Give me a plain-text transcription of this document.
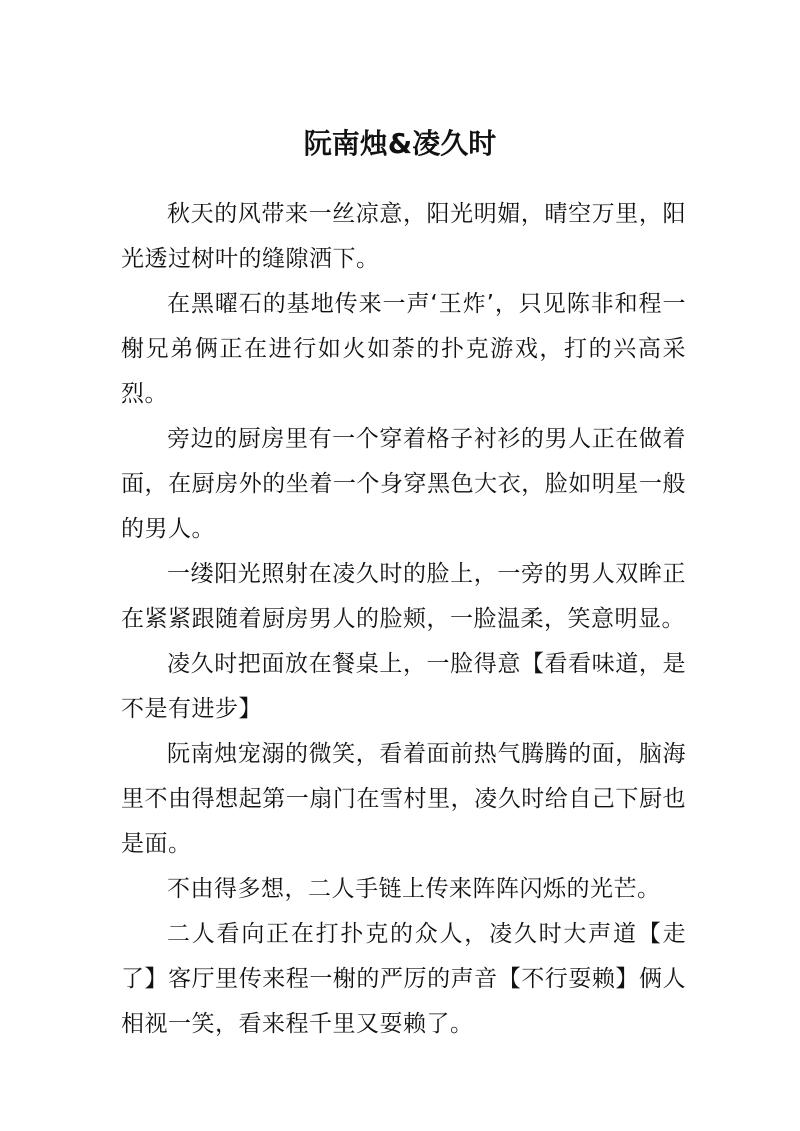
阮南烛&凌久时

秋天的风带来一丝凉意，阳光明媚，晴空万里，阳光透过树叶的缝隙洒下。

在黑曜石的基地传来一声‘王炸’，只见陈非和程一榭兄弟俩正在进行如火如荼的扑克游戏，打的兴高采烈。

旁边的厨房里有一个穿着格子衬衫的男人正在做着面，在厨房外的坐着一个身穿黑色大衣，脸如明星一般的男人。

一缕阳光照射在凌久时的脸上，一旁的男人双眸正在紧紧跟随着厨房男人的脸颊，一脸温柔，笑意明显。

凌久时把面放在餐桌上，一脸得意【看看味道，是不是有进步】

阮南烛宠溺的微笑，看着面前热气腾腾的面，脑海里不由得想起第一扇门在雪村里，凌久时给自己下厨也是面。

不由得多想，二人手链上传来阵阵闪烁的光芒。

二人看向正在打扑克的众人，凌久时大声道【走了】客厅里传来程一榭的严厉的声音【不行耍赖】俩人相视一笑，看来程千里又耍赖了。
